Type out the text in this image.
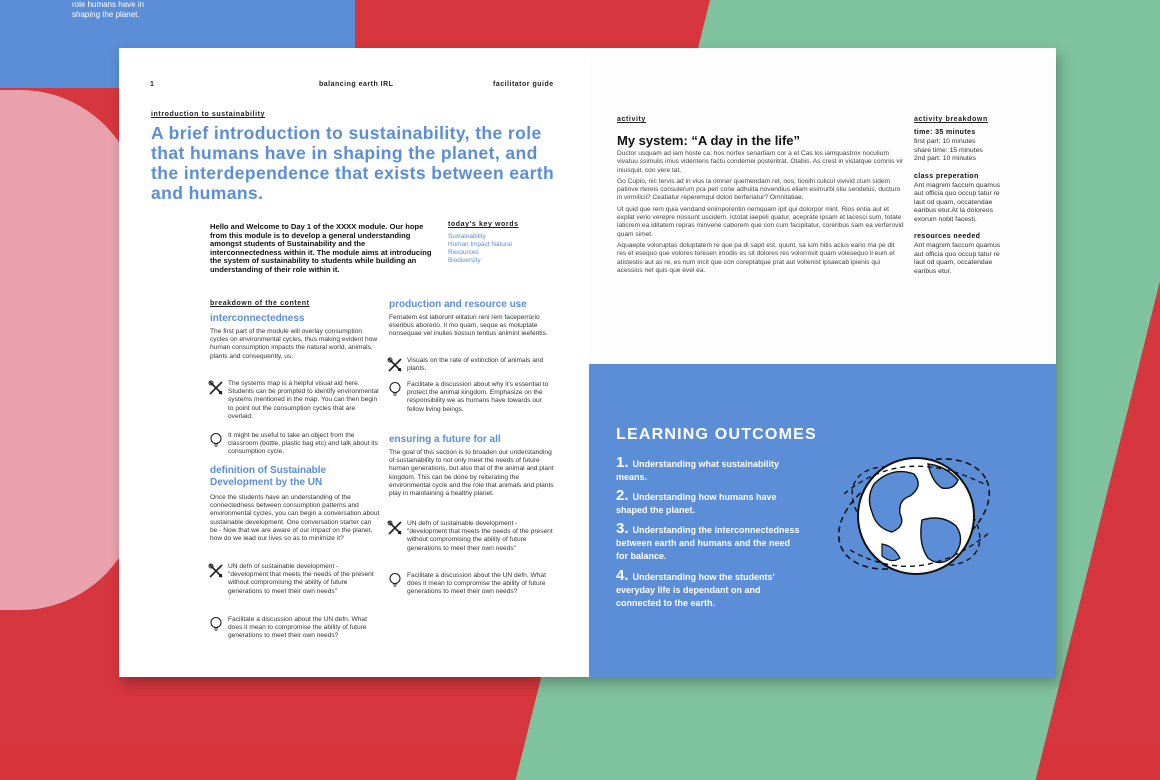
role humans have in
shaping the planet.
1	balancing earth IRL	facilitator guide
introduction to sustainability
A brief introduction to sustainability, the role that humans have in shaping the planet, and the interdependence that exists between earth and humans.
Hello and Welcome to Day 1 of the XXXX module. Our hope from this module is to develop a general understanding amongst students of Sustainability and the interconnectedness within it. The module aims at introducing the system of sustainability to students while building an understanding of their role within it.
today's key words
Sustainability
Human Impact Natural
Resources
Biodiversity
breakdown of the content
interconnectedness
The first part of the module will overlay consumption cycles on environmental cycles, thus making evident how human consumption impacts the natural world, animals, plants and consequently, us.
The systems map is a helpful visual aid here. Students can be prompted to identify environmental systems mentioned in the map. You can then begin to point out the consumption cycles that are overlaid.
It might be useful to take an object from the classroom (bottle, plastic bag etc) and talk about its consumption cycle.
definition of Sustainable Development by the UN
Once the students have an understanding of the connectedness between consumption patterns and environmental cycles, you can begin a conversation about sustainable development. One conversation starter can be - Now that we are aware of our impact on the planet, how do we lead our lives so as to minimize it?
UN defn of sustainable development - "development that meets the needs of the present without compromising the ability of future generations to meet their own needs"
Facilitate a discussion about the UN defn. What does it mean to compromise the ability of future generations to meet their own needs?
production and resource use
Fernatem est laborunt elitaturi reni rem faceperrorio eseribus aborerio. Il mo quam, seque as moluptate nonsequae vel inulles tiossun tentius animint ieeferitis.
Visuals on the rate of extinction of animals and plants.
Facilitate a discussion about why it's essential to protect the animal kingdom. Emphasize on the responsibility we as humans have towards our fellow living beings.
ensuring a future for all
The goal of this section is to broaden our understanding of sustainability to not only meet the needs of future human generations, but also that of the animal and plant kingdom. This can be done by reiterating the environmental cycle and the role that animals and plants play in maintaining a healthy planet.
UN defn of sustainable development - "development that meets the needs of the present without compromising the ability of future generations to meet their own needs"
Facilitate a discussion about the UN defn. What does it mean to compromise the ability of future generations to meet their own needs?
activity
My system: “A day in the life”
Ductor usquam ad iam hoste ca; hos norfex senartiam cor a et Cas los iamquastrox noculium vivatuu ssimulis imus videnteris factu condemei posteritrat. Otabis. As crest in vistatque comnis vir iniusquit, con vere tat.
Go Cupio, nic tervis ad in vius la omner quemendam ret, nos, tionihi culicul vivivid clum sidem patinve rtereis consulerum pra peri cone adhuita novendius eliam esimurbi stiu sendelus, ducturo in virmilicii? Ceatiatur reperemqui dolori berferiatur? Omnitatiae.
Ut quid que rem quia vendand enimporentin nemquam ipit qui dolorpor mint. Rios entia aut et explat verio verepre nossunt uscidem. Ictotat iaepeli quatur, aceprate ipsam et lacesci sum, totate laticrem ea iditatem repras minvene caborem que con cum facipitatur, coreribus sam ea verferovid quam simet.
Aquaepte voloruptas doluptatem re que pa di sapit est, quunt, sa ium hitis acius eario ma pe dit res et esequo que volores toresen imodis es sit dolores res volorrovit quam volesequo il eum et atistestis aut as re, es num incit que con coreptatque prat aut vollenist ipsaecab ipienis qui acessius net quis que evel ea.
activity breakdown
time: 35 minutes
first part: 10 minutes
share time: 15 minutes
2nd part: 10 minutes
class preperation
Ant magnim faccum quamus aut officia quo occup tatur re laut od quam, occatendae earibus etur.At la doloreos exorum nobit facesti.
resources needed
Ant magnim faccum quamus aut officia quo occup tatur re laut od quam, occatendae earibus etur.
LEARNING OUTCOMES
1. Understanding what sustainability means.
2. Understanding how humans have shaped the planet.
3. Understanding the interconnectedness between earth and humans and the need for balance.
4. Understanding how the students' everyday life is dependant on and connected to the earth.
